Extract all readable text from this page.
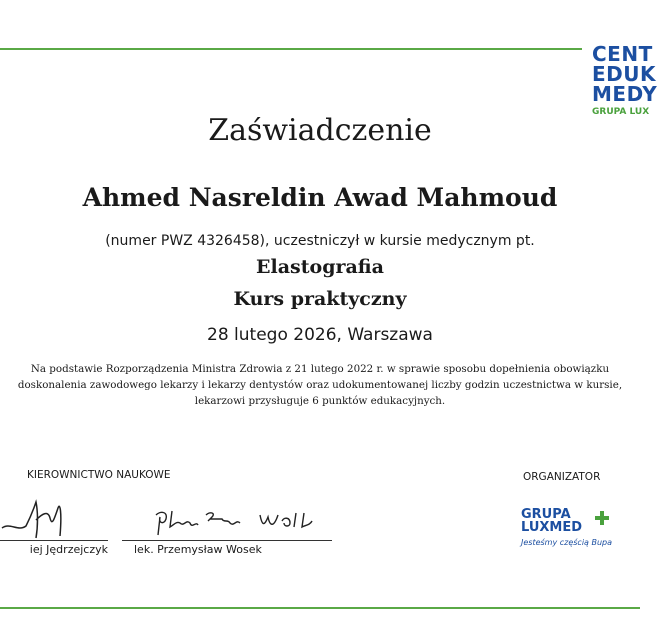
CENT
EDUK
MEDY
GRUPA LUX
Zaświadczenie
Ahmed Nasreldin Awad Mahmoud
(numer PWZ 4326458), uczestniczył w kursie medycznym pt.
Elastografia
Kurs praktyczny
28 lutego 2026, Warszawa
Na podstawie Rozporządzenia Ministra Zdrowia z 21 lutego 2022 r. w sprawie sposobu dopełnienia obowiązku
doskonalenia zawodowego lekarzy i lekarzy dentystów oraz udokumentowanej liczby godzin uczestnictwa w kursie,
lekarzowi przysługuje 6 punktów edukacyjnych.
KIEROWNICTWO NAUKOWE	ORGANIZATOR
iej Jędrzejczyk lek. Przemysław Wosek
GRUPA
LUXMED
Jesteśmy częścią Bupa
